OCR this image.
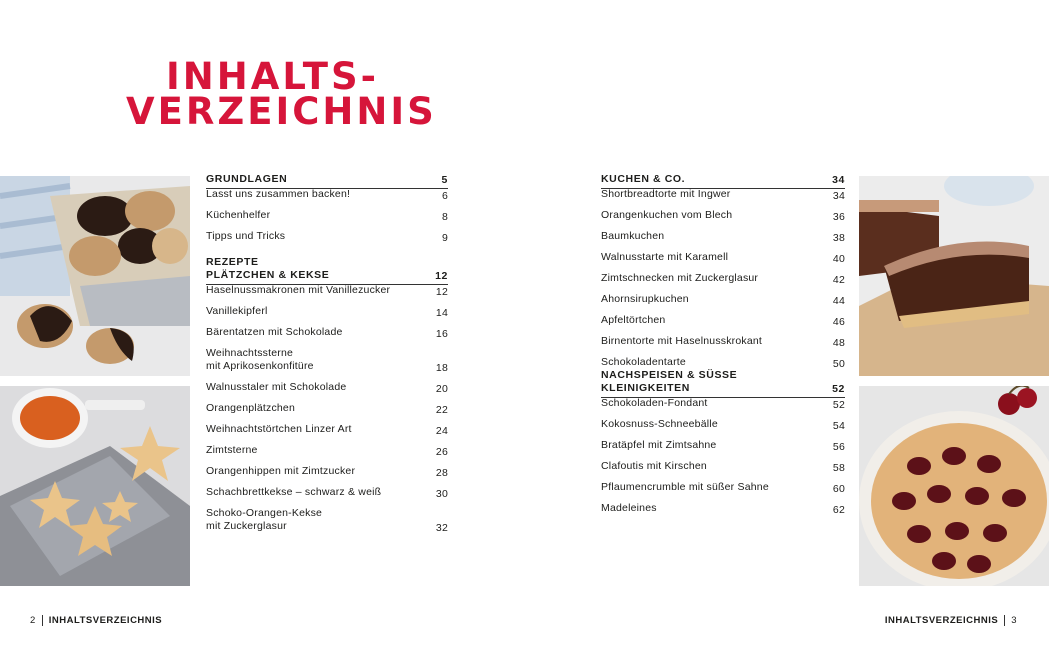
INHALTS-
VERZEICHNIS
GRUNDLAGEN	5
Lasst uns zusammen backen!	6
Küchenhelfer	8
Tipps und Tricks	9
REZEPTE
PLÄTZCHEN & KEKSE	12
Haselnussmakronen mit Vanillezucker	12
Vanillekipferl	14
Bärentatzen mit Schokolade	16
Weihnachtssterne
mit Aprikosenkonfitüre	18
Walnusstaler mit Schokolade	20
Orangenplätzchen	22
Weihnachtstörtchen Linzer Art	24
Zimtsterne	26
Orangenhippen mit Zimtzucker	28
Schachbrettkekse – schwarz & weiß	30
Schoko-Orangen-Kekse
mit Zuckerglasur	32
KUCHEN & CO.	34
Shortbreadtorte mit Ingwer	34
Orangenkuchen vom Blech	36
Baumkuchen	38
Walnusstarte mit Karamell	40
Zimtschnecken mit Zuckerglasur	42
Ahornsirupkuchen	44
Apfeltörtchen	46
Birnentorte mit Haselnusskrokant	48
Schokoladentarte	50
NACHSPEISEN & SÜSSE KLEINIGKEITEN	52
Schokoladen-Fondant	52
Kokosnuss-Schneebälle	54
Bratäpfel mit Zimtsahne	56
Clafoutis mit Kirschen	58
Pflaumencrumble mit süßer Sahne	60
Madeleines	62
2 INHALTSVERZEICHNIS	INHALTSVERZEICHNIS 3
